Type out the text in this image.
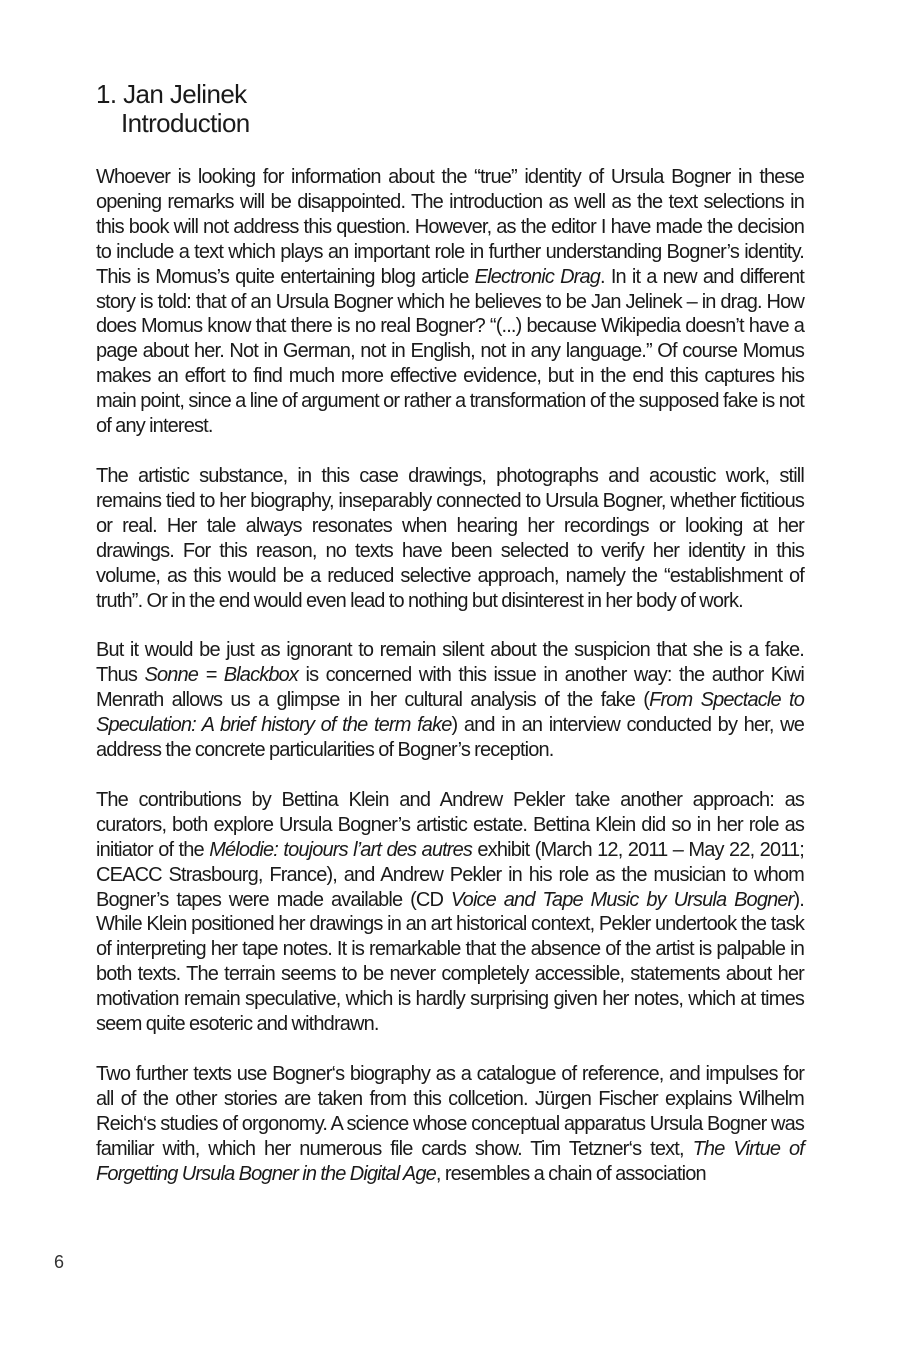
1. Jan Jelinek
Introduction

Whoever is looking for information about the “true” identity of Ursula Bogner in these opening remarks will be disappointed. The introduction as well as the text selections in this book will not address this question. However, as the editor I have made the decision to include a text which plays an important role in further understanding Bogner’s identity. This is Momus’s quite entertaining blog article Electronic Drag. In it a new and different story is told: that of an Ursula Bogner which he believes to be Jan Jelinek – in drag. How does Momus know that there is no real Bogner? “(...) because Wikipedia doesn’t have a page about her. Not in German, not in English, not in any language.” Of course Momus makes an effort to find much more effective evidence, but in the end this captures his main point, since a line of argument or rather a transformation of the supposed fake is not of any interest.

The artistic substance, in this case drawings, photographs and acoustic work, still remains tied to her biography, inseparably connected to Ursula Bogner, whether fictitious or real. Her tale always resonates when hearing her recordings or looking at her drawings. For this reason, no texts have been selected to verify her identity in this volume, as this would be a reduced selective approach, namely the “establishment of truth”. Or in the end would even lead to nothing but disinterest in her body of work.

But it would be just as ignorant to remain silent about the suspicion that she is a fake. Thus Sonne = Blackbox is concerned with this issue in another way: the author Kiwi Menrath allows us a glimpse in her cultural analysis of the fake (From Spectacle to Speculation: A brief history of the term fake) and in an interview conducted by her, we address the concrete particularities of Bogner’s reception.

The contributions by Bettina Klein and Andrew Pekler take another approach: as curators, both explore Ursula Bogner’s artistic estate. Bettina Klein did so in her role as initiator of the Mélodie: toujours l’art des autres exhibit (March 12, 2011 – May 22, 2011; CEACC Strasbourg, France), and Andrew Pekler in his role as the musician to whom Bogner’s tapes were made available (CD Voice and Tape Music by Ursula Bogner). While Klein positioned her drawings in an art historical context, Pekler undertook the task of interpreting her tape notes. It is remarkable that the absence of the artist is palpable in both texts. The terrain seems to be never completely accessible, statements about her motivation remain speculative, which is hardly surprising given her notes, which at times seem quite esoteric and withdrawn.

Two further texts use Bogner‘s biography as a catalogue of reference, and impulses for all of the other stories are taken from this collcetion. Jürgen Fischer explains Wilhelm Reich‘s studies of orgonomy. A science whose conceptual apparatus Ursula Bogner was familiar with, which her numerous file cards show. Tim Tetzner‘s text, The Virtue of Forgetting Ursula Bogner in the Digital Age, resembles a chain of association

6
